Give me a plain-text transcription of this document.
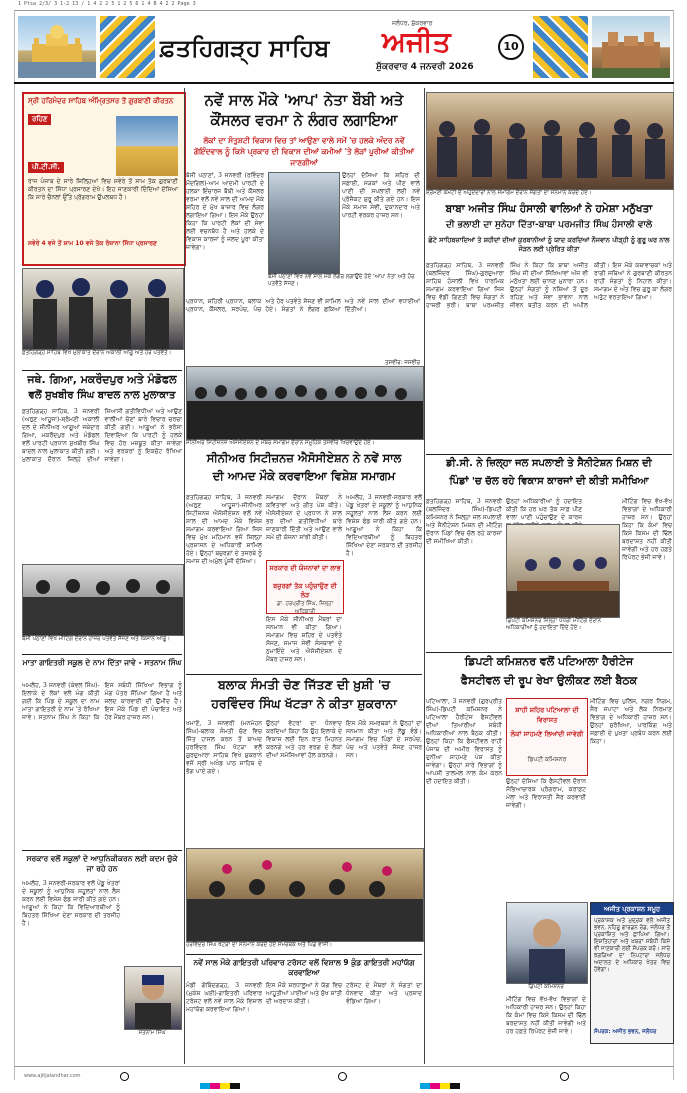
1 Ptsa 2/3/ 3 1-2 13 / 1 4 2 2 5 1 2 5 6 1 4 B 4 2 2 Page 3
ਫ਼ਤਹਿਗੜ੍ਹ ਸਾਹਿਬ	ਅਜੀਤ
ਜਲੰਧਰ, ਸ਼ੁੱਕਰਵਾਰ
ਸ਼ੁੱਕਰਵਾਰ 4 ਜਨਵਰੀ 2026
10
ਸ੍ਰੀ ਹਰਿਮੰਦਰ ਸਾਹਿਬ ਅੰਮ੍ਰਿਤਸਰ ਤੋਂ ਗੁਰਬਾਣੀ ਕੀਰਤਨ
ਰਹਿਣ
ਪੀ.ਟੀ.ਸੀ.
ਰਾਜ ਪੰਜਾਬ ਦੇ ਸਾਰੇ ਜ਼ਿਲ੍ਹਿਆਂ ਵਿਚ ਸਵੇਰੇ ਤੋਂ ਸ਼ਾਮ ਤੱਕ ਗੁਰਬਾਣੀ ਕੀਰਤਨ ਦਾ ਸਿੱਧਾ ਪ੍ਰਸਾਰਣ ਦੇਖੋ। ਇਹ ਜਾਣਕਾਰੀ ਦਿੰਦਿਆਂ ਦੱਸਿਆ ਕਿ ਸਾਰੇ ਚੈਨਲਾਂ ਉੱਤੇ ਪ੍ਰੋਗਰਾਮ ਉਪਲਬਧ ਹੈ।
ਸਵੇਰੇ 4 ਵਜੇ ਤੋਂ ਸ਼ਾਮ 10 ਵਜੇ ਤੱਕ ਰੋਜ਼ਾਨਾ ਸਿੱਧਾ ਪ੍ਰਸਾਰਣ
ਨਵੇਂ ਸਾਲ ਮੌਕੇ 'ਆਪ' ਨੇਤਾ ਬੌਬੀ ਅਤੇ
ਕੌਂਸਲਰ ਵਰਮਾ ਨੇ ਲੰਗਰ ਲਗਾਇਆ
ਲੋਕਾਂ ਦਾ ਸੰਤੁਸ਼ਟੀ ਵਿਕਾਸ ਵਿਚ ਤਾਂ ਆਉਣਾ ਵਾਲੇ ਸਮੇਂ 'ਚ ਹਲਕੇ ਅੰਦਰ ਨਵੇਂ ਗੋਇੰਦਵਾਲ ਨੂੰ ਕਿਸੇ ਪ੍ਰਕਾਰ ਦੀ ਵਿਕਾਸ ਦੀਆਂ ਕਮੀਆਂ 'ਤੇ ਲੋੜਾਂ ਪੂਰੀਆਂ ਕੀਤੀਆਂ ਜਾਣਗੀਆਂ
ਬੱਸੀ ਪਠਾਣਾਂ, 3 ਜਨਵਰੀ (ਰਵਿੰਦਰ ਮੌਦਗਿਲ)-ਆਮ ਆਦਮੀ ਪਾਰਟੀ ਦੇ ਹਲਕਾ ਇੰਚਾਰਜ ਬੌਬੀ ਅਤੇ ਕੌਂਸਲਰ ਵਰਮਾ ਵਲੋਂ ਨਵੇਂ ਸਾਲ ਦੀ ਆਮਦ ਮੌਕੇ ਸ਼ਹਿਰ ਦੇ ਮੁੱਖ ਬਾਜ਼ਾਰ ਵਿਚ ਲੰਗਰ ਲਗਾਇਆ ਗਿਆ। ਇਸ ਮੌਕੇ ਉਨ੍ਹਾਂ ਕਿਹਾ ਕਿ ਪਾਰਟੀ ਲੋਕਾਂ ਦੀ ਸੇਵਾ ਲਈ ਵਚਨਬੱਧ ਹੈ ਅਤੇ ਹਲਕੇ ਦੇ ਵਿਕਾਸ ਕਾਰਜਾਂ ਨੂੰ ਜਲਦ ਪੂਰਾ ਕੀਤਾ ਜਾਵੇਗਾ।
ਉਨ੍ਹਾਂ ਦੱਸਿਆ ਕਿ ਸ਼ਹਿਰ ਦੀ ਸਫ਼ਾਈ, ਸੜਕਾਂ ਅਤੇ ਪੀਣ ਵਾਲੇ ਪਾਣੀ ਦੀ ਸਪਲਾਈ ਲਈ ਨਵੇਂ ਪ੍ਰੋਜੈਕਟ ਸ਼ੁਰੂ ਕੀਤੇ ਗਏ ਹਨ। ਇਸ ਮੌਕੇ ਸਮਾਜ ਸੇਵੀ, ਦੁਕਾਨਦਾਰ ਅਤੇ ਪਾਰਟੀ ਵਰਕਰ ਹਾਜ਼ਰ ਸਨ।
ਬੱਸੀ ਪਠਾਣਾਂ ਵਿਖੇ ਨਵੇਂ ਸਾਲ ਮੌਕੇ ਲੰਗਰ ਲਗਾਉਂਦੇ ਹੋਏ 'ਆਪ' ਨੇਤਾ ਅਤੇ ਹੋਰ ਪਤਵੰਤੇ ਸੱਜਣ।
ਸ਼੍ਰੋਮਣੀ ਕਮੇਟੀ ਦੇ ਅਹੁਦੇਦਾਰਾਂ ਨਾਲ ਸਮਾਗਮ ਦੌਰਾਨ ਸੰਗਤਾਂ ਦਾ ਸਨਮਾਨ ਕਰਦੇ ਹੋਏ।
ਬਾਬਾ ਅਜੀਤ ਸਿੰਘ ਹੰਸਾਲੀ ਵਾਲਿਆਂ ਨੇ ਹਮੇਸ਼ਾ ਮਨੁੱਖਤਾ
ਦੀ ਭਲਾਈ ਦਾ ਸੁਨੇਹਾ ਦਿੱਤਾ-ਬਾਬਾ ਪਰਮਜੀਤ ਸਿੰਘ ਹੰਸਾਲੀ ਵਾਲੇ
ਛੋਟੇ ਸਾਹਿਬਜ਼ਾਦਿਆਂ ਤੇ ਸ਼ਹੀਦਾਂ ਦੀਆਂ ਕੁਰਬਾਨੀਆਂ ਨੂੰ ਯਾਦ ਕਰਦਿਆਂ ਨੌਜਵਾਨ ਪੀੜ੍ਹੀ ਨੂੰ ਗੁਰੂ ਘਰ ਨਾਲ ਜੋੜਨ ਲਈ ਪ੍ਰੇਰਿਤ ਕੀਤਾ
ਫ਼ਤਹਿਗੜ੍ਹ ਸਾਹਿਬ, 3 ਜਨਵਰੀ (ਬਲਜਿੰਦਰ ਸਿੰਘ)-ਗੁਰਦੁਆਰਾ ਸਾਹਿਬ ਹੰਸਾਲੀ ਵਿਖੇ ਧਾਰਮਿਕ ਸਮਾਗਮ ਕਰਵਾਇਆ ਗਿਆ ਜਿਸ ਵਿਚ ਵੱਡੀ ਗਿਣਤੀ ਵਿਚ ਸੰਗਤਾਂ ਨੇ ਹਾਜ਼ਰੀ ਭਰੀ। ਬਾਬਾ ਪਰਮਜੀਤ ਸਿੰਘ ਨੇ ਕਿਹਾ ਕਿ ਬਾਬਾ ਅਜੀਤ ਸਿੰਘ ਜੀ ਦੀਆਂ ਸਿੱਖਿਆਵਾਂ ਅੱਜ ਵੀ ਮਨੁੱਖਤਾ ਲਈ ਚਾਨਣ ਮੁਨਾਰਾ ਹਨ। ਉਨ੍ਹਾਂ ਸੰਗਤਾਂ ਨੂੰ ਨਸ਼ਿਆਂ ਤੋਂ ਦੂਰ ਰਹਿਣ ਅਤੇ ਸੇਵਾ ਭਾਵਨਾ ਨਾਲ ਜੀਵਨ ਬਤੀਤ ਕਰਨ ਦੀ ਅਪੀਲ ਕੀਤੀ। ਇਸ ਮੌਕੇ ਕਥਾਵਾਚਕਾਂ ਅਤੇ ਰਾਗੀ ਜਥਿਆਂ ਨੇ ਗੁਰਬਾਣੀ ਕੀਰਤਨ ਰਾਹੀਂ ਸੰਗਤਾਂ ਨੂੰ ਨਿਹਾਲ ਕੀਤਾ। ਸਮਾਗਮ ਦੇ ਅੰਤ ਵਿਚ ਗੁਰੂ ਕਾ ਲੰਗਰ ਅਤੁੱਟ ਵਰਤਾਇਆ ਗਿਆ।
ਫ਼ਤਹਿਗੜ੍ਹ ਸਾਹਿਬ ਵਿਖੇ ਮੁਲਾਕਾਤ ਦੌਰਾਨ ਅਕਾਲੀ ਆਗੂ ਅਤੇ ਹੋਰ ਪਤਵੰਤੇ।
ਪ੍ਰਧਾਨ, ਸ਼ਹਿਰੀ ਪ੍ਰਧਾਨ, ਬਲਾਕ ਪ੍ਰਧਾਨ, ਕੌਂਸਲਰ, ਸਰਪੰਚ, ਪੰਚ ਅਤੇ ਹੋਰ ਪਤਵੰਤੇ ਸੱਜਣ ਵੀ ਸ਼ਾਮਿਲ ਹੋਏ। ਸੰਗਤਾਂ ਨੇ ਲੰਗਰ ਛਕਿਆ ਅਤੇ ਨਵੇਂ ਸਾਲ ਦੀਆਂ ਵਧਾਈਆਂ ਦਿੱਤੀਆਂ।
ਤਸਵੀਰ: ਜਸਵੀਰ
ਜਥੇ. ਗਿਆ, ਮਕਰੌਦਪੁਰ ਅਤੇ ਮੰਡੋਫਲ
ਵਲੋਂ ਸੁਖਬੀਰ ਸਿੰਘ ਬਾਦਲ ਨਾਲ ਮੁਲਾਕਾਤ
ਫ਼ਤਹਿਗੜ੍ਹ ਸਾਹਿਬ, 3 ਜਨਵਰੀ (ਅਰੁਣ ਆਹੂਜਾ)-ਸ਼੍ਰੋਮਣੀ ਅਕਾਲੀ ਦਲ ਦੇ ਸੀਨੀਅਰ ਆਗੂਆਂ ਜਥੇਦਾਰ ਗਿਆ, ਮਕਰੌਦਪੁਰ ਅਤੇ ਮੰਡੋਫਲ ਵਲੋਂ ਪਾਰਟੀ ਪ੍ਰਧਾਨ ਸੁਖਬੀਰ ਸਿੰਘ ਬਾਦਲ ਨਾਲ ਮੁਲਾਕਾਤ ਕੀਤੀ ਗਈ। ਮੁਲਾਕਾਤ ਦੌਰਾਨ ਜ਼ਿਲ੍ਹੇ ਦੀਆਂ ਸਿਆਸੀ ਗਤੀਵਿਧੀਆਂ ਅਤੇ ਆਉਣ ਵਾਲੀਆਂ ਚੋਣਾਂ ਬਾਰੇ ਵਿਚਾਰ ਚਰਚਾ ਕੀਤੀ ਗਈ। ਆਗੂਆਂ ਨੇ ਭਰੋਸਾ ਦਿਵਾਇਆ ਕਿ ਪਾਰਟੀ ਨੂੰ ਹਲਕੇ ਵਿਚ ਹੋਰ ਮਜ਼ਬੂਤ ਕੀਤਾ ਜਾਵੇਗਾ ਅਤੇ ਵਰਕਰਾਂ ਨੂੰ ਇਕਜੁੱਟ ਰੱਖਿਆ ਜਾਵੇਗਾ।
ਸੀਨੀਅਰ ਸਿਟੀਜ਼ਨਜ਼ ਐਸੋਸੀਏਸ਼ਨ ਦੇ ਮੈਂਬਰ ਸਮਾਗਮ ਦੌਰਾਨ ਸਮੂਹਿਕ ਤਸਵੀਰ ਖਿਚਵਾਉਂਦੇ ਹੋਏ।
ਸੀਨੀਅਰ ਸਿਟੀਜ਼ਨਜ਼ ਐਸੋਸੀਏਸ਼ਨ ਨੇ ਨਵੇਂ ਸਾਲ
ਦੀ ਆਮਦ ਮੌਕੇ ਕਰਵਾਇਆ ਵਿਸ਼ੇਸ਼ ਸਮਾਗਮ
ਫ਼ਤਹਿਗੜ੍ਹ ਸਾਹਿਬ, 3 ਜਨਵਰੀ (ਅਰੁਣ ਆਹੂਜਾ)-ਸੀਨੀਅਰ ਸਿਟੀਜ਼ਨਜ਼ ਐਸੋਸੀਏਸ਼ਨ ਵਲੋਂ ਨਵੇਂ ਸਾਲ ਦੀ ਆਮਦ ਮੌਕੇ ਵਿਸ਼ੇਸ਼ ਸਮਾਗਮ ਕਰਵਾਇਆ ਗਿਆ ਜਿਸ ਵਿਚ ਮੁੱਖ ਮਹਿਮਾਨ ਵਜੋਂ ਜ਼ਿਲ੍ਹਾ ਪ੍ਰਸ਼ਾਸਨ ਦੇ ਅਧਿਕਾਰੀ ਸ਼ਾਮਿਲ ਹੋਏ। ਉਨ੍ਹਾਂ ਬਜ਼ੁਰਗਾਂ ਦੇ ਤਜਰਬੇ ਨੂੰ ਸਮਾਜ ਦੀ ਅਮੁੱਲ ਪੂੰਜੀ ਦੱਸਿਆ।
ਸਮਾਗਮ ਦੌਰਾਨ ਮੈਂਬਰਾਂ ਨੇ ਕਵਿਤਾਵਾਂ ਅਤੇ ਗੀਤ ਪੇਸ਼ ਕੀਤੇ। ਐਸੋਸੀਏਸ਼ਨ ਦੇ ਪ੍ਰਧਾਨ ਨੇ ਸਾਲ ਭਰ ਦੀਆਂ ਗਤੀਵਿਧੀਆਂ ਬਾਰੇ ਜਾਣਕਾਰੀ ਦਿੱਤੀ ਅਤੇ ਆਉਣ ਵਾਲੇ ਸਮੇਂ ਦੀ ਯੋਜਨਾ ਸਾਂਝੀ ਕੀਤੀ।
ਸਰਕਾਰ ਦੀ ਯੋਜਨਾਵਾਂ ਦਾ ਲਾਭ
ਬਜ਼ੁਰਗਾਂ ਤੱਕ ਪਹੁੰਚਾਉਣ ਦੀ ਲੋੜ
ਡਾ. ਹਰਪ੍ਰੀਤ ਸਿੰਘ, ਜ਼ਿਲ੍ਹਾ ਅਧਿਕਾਰੀ
ਇਸ ਮੌਕੇ ਸੀਨੀਅਰ ਮੈਂਬਰਾਂ ਦਾ ਸਨਮਾਨ ਵੀ ਕੀਤਾ ਗਿਆ। ਸਮਾਗਮ ਵਿਚ ਸ਼ਹਿਰ ਦੇ ਪਤਵੰਤੇ ਸੱਜਣ, ਸਮਾਜ ਸੇਵੀ ਸੰਸਥਾਵਾਂ ਦੇ ਨੁਮਾਇੰਦੇ ਅਤੇ ਐਸੋਸੀਏਸ਼ਨ ਦੇ ਮੈਂਬਰ ਹਾਜ਼ਰ ਸਨ।
ਅਮਲੋਹ, 3 ਜਨਵਰੀ-ਸਰਕਾਰ ਵਲੋਂ ਪੇਂਡੂ ਖੇਤਰਾਂ ਦੇ ਸਕੂਲਾਂ ਨੂੰ ਆਧੁਨਿਕ ਸਹੂਲਤਾਂ ਨਾਲ ਲੈਸ ਕਰਨ ਲਈ ਵਿਸ਼ੇਸ਼ ਫੰਡ ਜਾਰੀ ਕੀਤੇ ਗਏ ਹਨ। ਆਗੂਆਂ ਨੇ ਕਿਹਾ ਕਿ ਵਿਦਿਆਰਥੀਆਂ ਨੂੰ ਬਿਹਤਰ ਸਿੱਖਿਆ ਦੇਣਾ ਸਰਕਾਰ ਦੀ ਤਰਜੀਹ ਹੈ।
ਡੀ.ਸੀ. ਨੇ ਜ਼ਿਲ੍ਹਾ ਜਲ ਸਪਲਾਈ ਤੇ ਸੈਨੀਟੇਸ਼ਨ ਮਿਸ਼ਨ ਦੀ
ਪਿੰਡਾਂ 'ਚ ਚੱਲ ਰਹੇ ਵਿਕਾਸ ਕਾਰਜਾਂ ਦੀ ਕੀਤੀ ਸਮੀਖਿਆ
ਫ਼ਤਹਿਗੜ੍ਹ ਸਾਹਿਬ, 3 ਜਨਵਰੀ (ਬਲਜਿੰਦਰ ਸਿੰਘ)-ਡਿਪਟੀ ਕਮਿਸ਼ਨਰ ਨੇ ਜ਼ਿਲ੍ਹਾ ਜਲ ਸਪਲਾਈ ਅਤੇ ਸੈਨੀਟੇਸ਼ਨ ਮਿਸ਼ਨ ਦੀ ਮੀਟਿੰਗ ਦੌਰਾਨ ਪਿੰਡਾਂ ਵਿਚ ਚੱਲ ਰਹੇ ਕਾਰਜਾਂ ਦੀ ਸਮੀਖਿਆ ਕੀਤੀ।
ਉਨ੍ਹਾਂ ਅਧਿਕਾਰੀਆਂ ਨੂੰ ਹਦਾਇਤ ਕੀਤੀ ਕਿ ਹਰ ਘਰ ਤੱਕ ਸਾਫ਼ ਪੀਣ ਵਾਲਾ ਪਾਣੀ ਪਹੁੰਚਾਉਣ ਦੇ ਕਾਰਜ
ਮੀਟਿੰਗ ਵਿਚ ਵੱਖ-ਵੱਖ ਵਿਭਾਗਾਂ ਦੇ ਅਧਿਕਾਰੀ ਹਾਜ਼ਰ ਸਨ। ਉਨ੍ਹਾਂ ਕਿਹਾ ਕਿ ਕੰਮਾਂ ਵਿਚ ਕਿਸੇ ਕਿਸਮ ਦੀ ਢਿੱਲ ਬਰਦਾਸ਼ਤ ਨਹੀਂ ਕੀਤੀ ਜਾਵੇਗੀ ਅਤੇ ਹਰ ਹਫ਼ਤੇ ਰਿਪੋਰਟ ਭੇਜੀ ਜਾਵੇ।
ਡਿਪਟੀ ਕਮਿਸ਼ਨਰ ਜ਼ਿਲ੍ਹਾ ਪੱਧਰੀ ਮੀਟਿੰਗ ਦੌਰਾਨ ਅਧਿਕਾਰੀਆਂ ਨੂੰ ਹਦਾਇਤਾਂ ਦਿੰਦੇ ਹੋਏ।
ਬੱਸੀ ਪਠਾਣਾਂ ਵਿਖੇ ਮੀਟਿੰਗ ਦੌਰਾਨ ਹਾਜ਼ਰ ਪਤਵੰਤੇ ਸੱਜਣ ਅਤੇ ਕਿਸਾਨ ਆਗੂ।
ਮਾਤਾ ਗਾਇਤਰੀ ਸਕੂਲ ਦੇ ਨਾਮ ਦਿੱਤਾ ਜਾਵੇ - ਸਤਨਾਮ ਸਿੰਘ
ਅਮਲੋਹ, 3 ਜਨਵਰੀ (ਕੇਵਲ ਸਿੰਘ)-ਇਲਾਕੇ ਦੇ ਲੋਕਾਂ ਵਲੋਂ ਮੰਗ ਕੀਤੀ ਗਈ ਕਿ ਪਿੰਡ ਦੇ ਸਕੂਲ ਦਾ ਨਾਮ ਮਾਤਾ ਗਾਇਤਰੀ ਦੇ ਨਾਮ 'ਤੇ ਰੱਖਿਆ ਜਾਵੇ। ਸਤਨਾਮ ਸਿੰਘ ਨੇ ਕਿਹਾ ਕਿ ਇਸ ਸਬੰਧੀ ਸਿੱਖਿਆ ਵਿਭਾਗ ਨੂੰ ਮੰਗ ਪੱਤਰ ਸੌਂਪਿਆ ਗਿਆ ਹੈ ਅਤੇ ਜਲਦ ਕਾਰਵਾਈ ਦੀ ਉਮੀਦ ਹੈ। ਇਸ ਮੌਕੇ ਪਿੰਡ ਦੀ ਪੰਚਾਇਤ ਅਤੇ ਹੋਰ ਮੈਂਬਰ ਹਾਜ਼ਰ ਸਨ।
ਸਰਕਾਰ ਵਲੋਂ ਸਕੂਲਾਂ ਦੇ ਆਧੁਨਿਕੀਕਰਨ ਲਈ ਕਦਮ ਚੁੱਕੇ ਜਾ ਰਹੇ ਹਨ
ਅਮਲੋਹ, 3 ਜਨਵਰੀ-ਸਰਕਾਰ ਵਲੋਂ ਪੇਂਡੂ ਖੇਤਰਾਂ ਦੇ ਸਕੂਲਾਂ ਨੂੰ ਆਧੁਨਿਕ ਸਹੂਲਤਾਂ ਨਾਲ ਲੈਸ ਕਰਨ ਲਈ ਵਿਸ਼ੇਸ਼ ਫੰਡ ਜਾਰੀ ਕੀਤੇ ਗਏ ਹਨ। ਆਗੂਆਂ ਨੇ ਕਿਹਾ ਕਿ ਵਿਦਿਆਰਥੀਆਂ ਨੂੰ ਬਿਹਤਰ ਸਿੱਖਿਆ ਦੇਣਾ ਸਰਕਾਰ ਦੀ ਤਰਜੀਹ ਹੈ।
ਸਤਨਾਮ ਸਿੰਘ
ਬਲਾਕ ਸੰਮਤੀ ਚੋਣ ਜਿੱਤਣ ਦੀ ਖ਼ੁਸ਼ੀ 'ਚ
ਹਰਵਿੰਦਰ ਸਿੰਘ ਖੱਟੜਾ ਨੇ ਕੀਤਾ ਸ਼ੁਕਰਾਨਾ
ਖਮਾਣੋਂ, 3 ਜਨਵਰੀ (ਮਨਮੋਹਨ ਸਿੰਘ)-ਬਲਾਕ ਸੰਮਤੀ ਚੋਣ ਵਿਚ ਜਿੱਤ ਹਾਸਲ ਕਰਨ ਤੋਂ ਬਾਅਦ ਹਰਵਿੰਦਰ ਸਿੰਘ ਖੱਟੜਾ ਵਲੋਂ ਗੁਰਦੁਆਰਾ ਸਾਹਿਬ ਵਿਖੇ ਸ਼ੁਕਰਾਨੇ ਵਜੋਂ ਸ੍ਰੀ ਅਖੰਡ ਪਾਠ ਸਾਹਿਬ ਦੇ ਭੋਗ ਪਾਏ ਗਏ।
ਉਨ੍ਹਾਂ ਵੋਟਰਾਂ ਦਾ ਧੰਨਵਾਦ ਕਰਦਿਆਂ ਕਿਹਾ ਕਿ ਉਹ ਇਲਾਕੇ ਦੇ ਵਿਕਾਸ ਲਈ ਦਿਨ ਰਾਤ ਮਿਹਨਤ ਕਰਨਗੇ ਅਤੇ ਹਰ ਵਰਗ ਦੇ ਲੋਕਾਂ ਦੀਆਂ ਸਮੱਸਿਆਵਾਂ ਹੱਲ ਕਰਨਗੇ।
ਇਸ ਮੌਕੇ ਸਮਰਥਕਾਂ ਨੇ ਉਨ੍ਹਾਂ ਦਾ ਸਨਮਾਨ ਕੀਤਾ ਅਤੇ ਲੱਡੂ ਵੰਡੇ। ਸਮਾਗਮ ਵਿਚ ਪਿੰਡਾਂ ਦੇ ਸਰਪੰਚ, ਪੰਚ ਅਤੇ ਪਤਵੰਤੇ ਸੱਜਣ ਹਾਜ਼ਰ ਸਨ।
ਡਿਪਟੀ ਕਮਿਸ਼ਨਰ ਵਲੋਂ ਪਟਿਆਲਾ ਹੈਰੀਟੇਜ
ਫੈਸਟੀਵਲ ਦੀ ਰੂਪ ਰੇਖਾ ਉਲੀਕਣ ਲਈ ਬੈਠਕ
ਪਟਿਆਲਾ, 3 ਜਨਵਰੀ (ਗੁਰਪ੍ਰੀਤ ਸਿੰਘ)-ਡਿਪਟੀ ਕਮਿਸ਼ਨਰ ਨੇ ਪਟਿਆਲਾ ਹੈਰੀਟੇਜ ਫੈਸਟੀਵਲ ਦੀਆਂ ਤਿਆਰੀਆਂ ਸਬੰਧੀ ਅਧਿਕਾਰੀਆਂ ਨਾਲ ਬੈਠਕ ਕੀਤੀ। ਉਨ੍ਹਾਂ ਕਿਹਾ ਕਿ ਫੈਸਟੀਵਲ ਰਾਹੀਂ ਪੰਜਾਬ ਦੀ ਅਮੀਰ ਵਿਰਾਸਤ ਨੂੰ ਦੁਨੀਆ ਸਾਹਮਣੇ ਪੇਸ਼ ਕੀਤਾ ਜਾਵੇਗਾ। ਉਨ੍ਹਾਂ ਸਾਰੇ ਵਿਭਾਗਾਂ ਨੂੰ ਆਪਸੀ ਤਾਲਮੇਲ ਨਾਲ ਕੰਮ ਕਰਨ ਦੀ ਹਦਾਇਤ ਕੀਤੀ।
ਸ਼ਾਹੀ ਸ਼ਹਿਰ ਪਟਿਆਲਾ ਦੀ ਵਿਰਾਸਤ
ਲੋਕਾਂ ਸਾਹਮਣੇ ਲਿਆਂਦੀ ਜਾਵੇਗੀ
ਡਿਪਟੀ ਕਮਿਸ਼ਨਰ
ਉਨ੍ਹਾਂ ਦੱਸਿਆ ਕਿ ਫੈਸਟੀਵਲ ਦੌਰਾਨ ਸੱਭਿਆਚਾਰਕ ਪ੍ਰੋਗਰਾਮ, ਕਰਾਫ਼ਟ ਮੇਲਾ ਅਤੇ ਵਿਰਾਸਤੀ ਸੈਰ ਕਰਵਾਈ ਜਾਵੇਗੀ।
ਮੀਟਿੰਗ ਵਿਚ ਪੁਲਿਸ, ਨਗਰ ਨਿਗਮ, ਸੈਰ ਸਪਾਟਾ ਅਤੇ ਲੋਕ ਨਿਰਮਾਣ ਵਿਭਾਗ ਦੇ ਅਧਿਕਾਰੀ ਹਾਜ਼ਰ ਸਨ। ਉਨ੍ਹਾਂ ਸੁਰੱਖਿਆ, ਪਾਰਕਿੰਗ ਅਤੇ ਸਫ਼ਾਈ ਦੇ ਪੁਖ਼ਤਾ ਪ੍ਰਬੰਧ ਕਰਨ ਲਈ ਕਿਹਾ।
ਹਰਵਿੰਦਰ ਸਿੰਘ ਖੱਟੜਾ ਦਾ ਸਨਮਾਨ ਕਰਦੇ ਹੋਏ ਸਮਰਥਕ ਅਤੇ ਪਿੰਡ ਵਾਸੀ।
ਨਵੇਂ ਸਾਲ ਮੌਕੇ ਗਾਇਤਰੀ ਪਰਿਵਾਰ ਟਰੱਸਟ ਵਲੋਂ ਵਿਸ਼ਾਲ 9 ਕੁੰਡ ਗਾਇਤਰੀ ਮਹਾਂਯੱਗ ਕਰਵਾਇਆ
ਮੰਡੀ ਗੋਬਿੰਦਗੜ੍ਹ, 3 ਜਨਵਰੀ (ਮੁਕੇਸ਼ ਘਈ)-ਗਾਇਤਰੀ ਪਰਿਵਾਰ ਟਰੱਸਟ ਵਲੋਂ ਨਵੇਂ ਸਾਲ ਮੌਕੇ ਵਿਸ਼ਾਲ ਮਹਾਂਯੱਗ ਕਰਵਾਇਆ ਗਿਆ।
ਇਸ ਮੌਕੇ ਸ਼ਰਧਾਲੂਆਂ ਨੇ ਯੱਗ ਵਿਚ ਆਹੂਤੀਆਂ ਪਾਈਆਂ ਅਤੇ ਸੁੱਖ ਸ਼ਾਂਤੀ ਦੀ ਅਰਦਾਸ ਕੀਤੀ।
ਟਰੱਸਟ ਦੇ ਮੈਂਬਰਾਂ ਨੇ ਸੰਗਤਾਂ ਦਾ ਧੰਨਵਾਦ ਕੀਤਾ ਅਤੇ ਪ੍ਰਸ਼ਾਦ ਵੰਡਿਆ ਗਿਆ।
ਡਿਪਟੀ ਕਮਿਸ਼ਨਰ
ਅਜੀਤ ਪ੍ਰਕਾਸ਼ਨ ਸਮੂਹ
ਪ੍ਰਕਾਸ਼ਕ ਅਤੇ ਮੁਦ੍ਰਕ ਵਲੋਂ ਅਜੀਤ ਭਵਨ, ਨਹਿਰੂ ਗਾਰਡਨ ਰੋਡ, ਜਲੰਧਰ ਤੋਂ ਪ੍ਰਕਾਸ਼ਿਤ ਅਤੇ ਛਾਪਿਆ ਗਿਆ। ਇਸ਼ਤਿਹਾਰਾਂ ਅਤੇ ਖ਼ਬਰਾਂ ਸਬੰਧੀ ਕਿਸੇ ਵੀ ਜਾਣਕਾਰੀ ਲਈ ਸੰਪਰਕ ਕਰੋ। ਸਾਰੇ ਝਗੜਿਆਂ ਦਾ ਨਿਪਟਾਰਾ ਜਲੰਧਰ ਅਦਾਲਤ ਦੇ ਅਧਿਕਾਰ ਖੇਤਰ ਵਿਚ ਹੋਵੇਗਾ।
ਸੰਪਰਕ: ਅਜੀਤ ਭਵਨ, ਜਲੰਧਰ
ਮੀਟਿੰਗ ਵਿਚ ਵੱਖ-ਵੱਖ ਵਿਭਾਗਾਂ ਦੇ ਅਧਿਕਾਰੀ ਹਾਜ਼ਰ ਸਨ। ਉਨ੍ਹਾਂ ਕਿਹਾ ਕਿ ਕੰਮਾਂ ਵਿਚ ਕਿਸੇ ਕਿਸਮ ਦੀ ਢਿੱਲ ਬਰਦਾਸ਼ਤ ਨਹੀਂ ਕੀਤੀ ਜਾਵੇਗੀ ਅਤੇ ਹਰ ਹਫ਼ਤੇ ਰਿਪੋਰਟ ਭੇਜੀ ਜਾਵੇ।
www.ajitjalandhar.com
